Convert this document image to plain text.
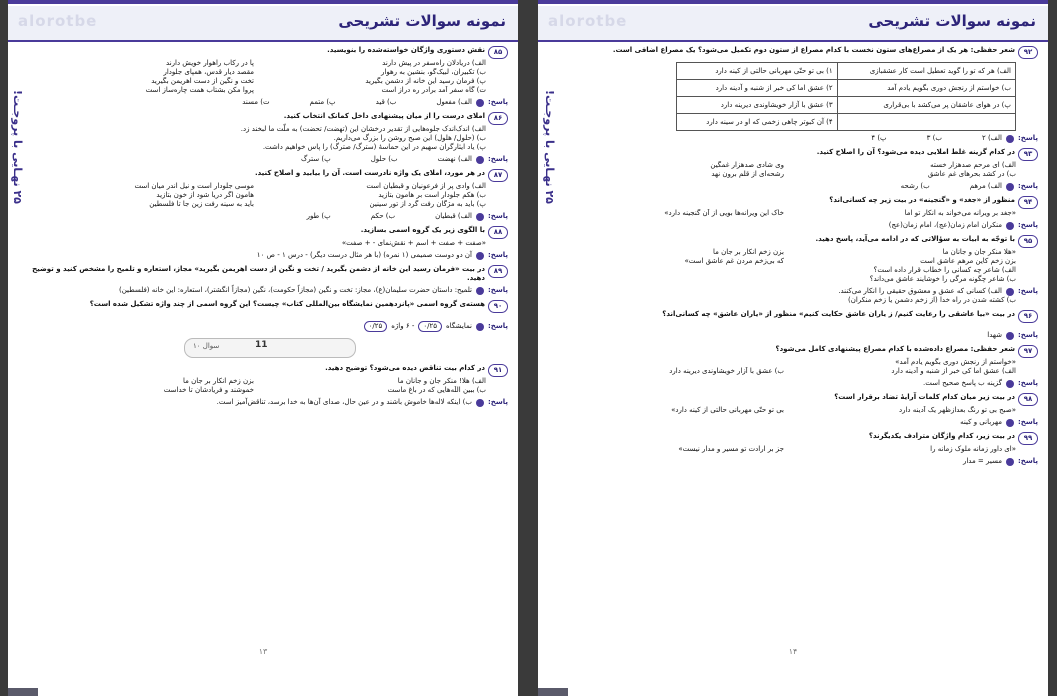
alorotbe	نمونه سوالات تشریحی
۲۵ نهـایی با پروجـت!
۸۵
نقش دستوری واژگان خواسته‌شده را بنویسید.
الف) دریادلان راه‌سفر در پیش دارند
پا در رکاب راهوار خویش دارند
ب) تکبیران، لبیک‌گو، بنشین به رهوار
مقصد دیار قدس، همپای جلودار
پ) فرمان رسید این خانه از دشمن بگیرید
تخت و نگین از دست اهریمن بگیرید
ت) گاه سفر آمد برادر ره دراز است
پروا مکن بشتاب همت چاره‌ساز است
پاسخ:
الف) مفعول
ب) قید
پ) متمم
ت) مسند
۸۶
املای درست را از میان پیشنهادی داخل کمانک انتخاب کنید.
الف) اندک‌اندک جلوه‌هایی از تقدیر درخشان این (تهضت/ تحضت) به ملّت ما لبخند زد.
ب) (حلول/ هلول) این صبح روشن را بزرگ می‌داریم.
پ) یاد ایثارگران سهیم در این حماسهٔ (سترگ/ صترگ) را پاس خواهیم داشت.
پاسخ:
الف) نهضت
ب) حلول
پ) سترگ
۸۷
در هر مورد، املای یک واژه نادرست است. آن را بیابید و اصلاح کنید.
الف) وادی پر از فرعونیان و قبطیان است
موسی جلودار است و نیل اندر میان است
ب) هکم جلودار است بر هامون بتازید
هامون اگر دریا شود از خون بتازید
پ) باید به مژگان رفت گرد از تور سینین
باید به سینه رفت زین جا تا فلسطین
پاسخ:
الف) قبطیان
ب) حکم
پ) طور
۸۸
با الگوی زیر یک گروه اسمی بسازید.
«صفت + صفت + اسم + نقش‌نمای - + صفت»
پاسخ:
آن دو دوست صمیمی (۱ نمره) (با هر مثال درست دیگر) - درس ۱ - ص ۱۰
۸۹
در بیت «فرمان رسید این خانه از دشمن بگیرید / تخت و نگین از دست اهریمن بگیرید» مجاز، استعاره و تلمیح را مشخص کنید و توضیح دهید.
پاسخ:
تلمیح: داستان حضرت سلیمان(ع)، مجاز: تخت و نگین (مجازاً حکومت)، نگین (مجازاً انگشتر)، استعاره: این خانه (فلسطین)
۹۰
هسته‌ی گروه اسمی «پانزدهمین نمایشگاه بین‌المللی کتاب» چیست؟ این گروه اسمی از چند واژه تشکیل شده است؟
پاسخ:
نمایشگاه
۰/۲۵
- ۶ واژه
۰/۲۵
۱۰ سوال	11
۹۱
در کدام بیت تناقض دیده می‌شود؟ توضیح دهید.
الف) هلا! منکر جان و جانان ما
بزن زخم انکار بر جان ما
ب) ببین اللّه‌هایی که در باغ ماست
خموشند و فریادشان تا خداست
پاسخ:
ب) اینکه لاله‌ها خاموش باشند و در عین حال، صدای آن‌ها به خدا برسد، تناقض‌آمیز است.
۱۳
alorotbe	نمونه سوالات تشریحی
۲۵ نهـایی با پروجـت!
۹۲
شعر حفظی: هر یک از مصراع‌های ستون نخست با کدام مصراع از ستون دوم تکمیل می‌شود؟ یک مصراع اضافی است.
الف) هر که تو را گوید تعطیل است کار عشقبازی	۱) بی تو حتّی مهربانی حالتی از کینه دارد
ب) خواستم از رنجش دوری بگویم یادم آمد	۲) عشق اما کی خبر از شنبه و آدینه دارد
پ) در هوای عاشقان پر می‌کشد با بی‌قراری	۳) عشق با آزار خویشاوندی دیرینه دارد
	۴) آن کبوتر چاهی زخمی که او در سینه دارد
پاسخ:
الف) ۲
ب) ۳
پ) ۴
۹۳
در کدام گزینه غلط املایی دیده می‌شود؟ آن را اصلاح کنید.
الف) ای مرحم صدهزار خسته
وی شادی صدهزار غمگین
ب) در کشد بحرهای غم عاشق
رشحه‌ای از قلم برون نهد
پاسخ:
الف) مرهم
ب) رشحه
۹۴
منظور از «جغد» و «گنجینه» در بیت زیر چه کسانی‌اند؟
«جغد بر ویرانه می‌خواند به انکار تو اما
خاک این ویرانه‌ها بویی از آن گنجینه دارد»
پاسخ:
منکران امام زمان(عج)، امام زمان(عج)
۹۵
با توجّه به ابیات به سؤالاتی که در ادامه می‌آید، پاسخ دهید.
«هلا منکر جان و جانان ما
بزن زخم انکار بر جان ما
بزن زخم کاین مرهم عاشق است
که بی‌زخم مردن غم عاشق است»
الف) شاعر چه کسانی را خطاب قرار داده است؟
ب) شاعر چگونه مرگی را خوشایند عاشق می‌داند؟
پاسخ:
الف) کسانی که عشق و معشوق حقیقی را انکار می‌کنند.
ب) کشته شدن در راه خدا (از زخم دشمن یا زخم منکران)
۹۶
در بیت «بیا عاشقی را رعایت کنیم/ ز یاران عاشق حکایت کنیم» منظور از «یاران عاشق» چه کسانی‌اند؟
پاسخ:
شهدا
۹۷
شعر حفظی: مصراع داده‌شده با کدام مصراع پیشنهادی کامل می‌شود؟
«خواستم از رنجش دوری بگویم یادم آمد»
الف) عشق اما کی خبر از شنبه و آدینه دارد
ب) عشق با آزار خویشاوندی دیرینه دارد
پاسخ:
گزینه ب پاسخ صحیح است.
۹۸
در بیت زیر میان کدام کلمات آرایهٔ تضاد برقرار است؟
«صبح بی تو رنگ بعدازظهر یک آدینه دارد
بی تو حتّی مهربانی حالتی از کینه دارد»
پاسخ:
مهربانی و کینه
۹۹
در بیت زیر، کدام واژگان مترادف یکدیگرند؟
«ای داور زمانه ملوک زمانه را
جز بر ارادت تو مسیر و مدار نیست»
پاسخ:
مسیر = مدار
۱۴
